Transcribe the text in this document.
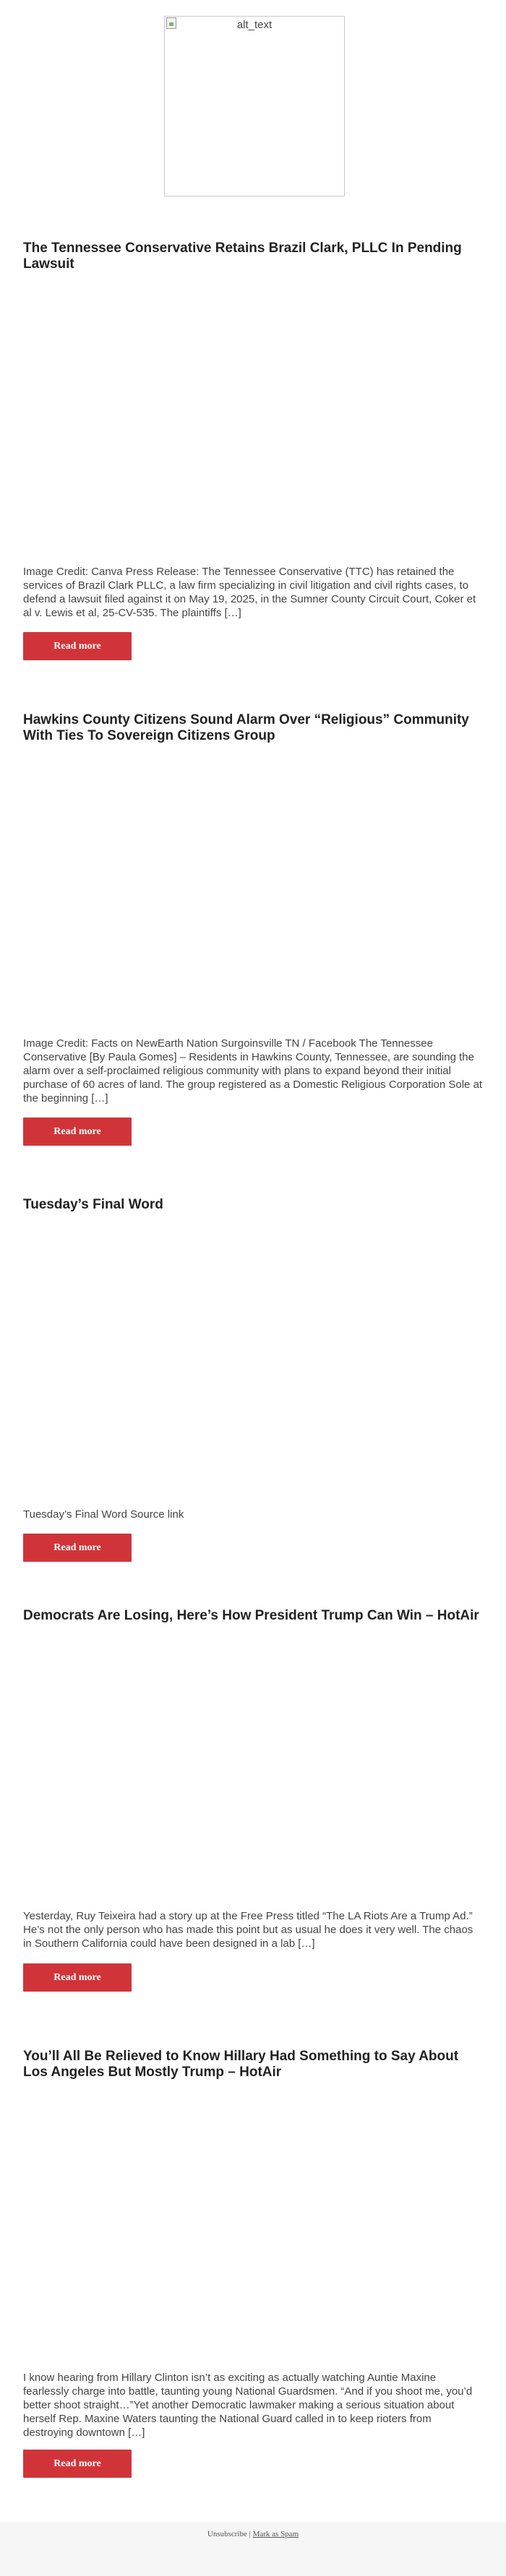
alt_text
The Tennessee Conservative Retains Brazil Clark, PLLC In Pending Lawsuit

Image Credit: Canva Press Release: The Tennessee Conservative (TTC) has retained the services of Brazil Clark PLLC, a law firm specializing in civil litigation and civil rights cases, to defend a lawsuit filed against it on May 19, 2025, in the Sumner County Circuit Court, Coker et al v. Lewis et al, 25-CV-535. The plaintiffs […]

Read more
Hawkins County Citizens Sound Alarm Over “Religious” Community With Ties To Sovereign Citizens Group

Image Credit: Facts on NewEarth Nation Surgoinsville TN / Facebook The Tennessee Conservative [By Paula Gomes] – Residents in Hawkins County, Tennessee, are sounding the alarm over a self-proclaimed religious community with plans to expand beyond their initial purchase of 60 acres of land. The group registered as a Domestic Religious Corporation Sole at the beginning […]

Read more
Tuesday’s Final Word

Tuesday’s Final Word Source link

Read more
Democrats Are Losing, Here’s How President Trump Can Win – HotAir

Yesterday, Ruy Teixeira had a story up at the Free Press titled “The LA Riots Are a Trump Ad.” He’s not the only person who has made this point but as usual he does it very well. The chaos in Southern California could have been designed in a lab […]

Read more
You’ll All Be Relieved to Know Hillary Had Something to Say About Los Angeles But Mostly Trump – HotAir

I know hearing from Hillary Clinton isn’t as exciting as actually watching Auntie Maxine fearlessly charge into battle, taunting young National Guardsmen. “And if you shoot me, you’d better shoot straight…”Yet another Democratic lawmaker making a serious situation about herself Rep. Maxine Waters taunting the National Guard called in to keep rioters from destroying downtown […]

Read more
Unsubscribe | Mark as Spam
